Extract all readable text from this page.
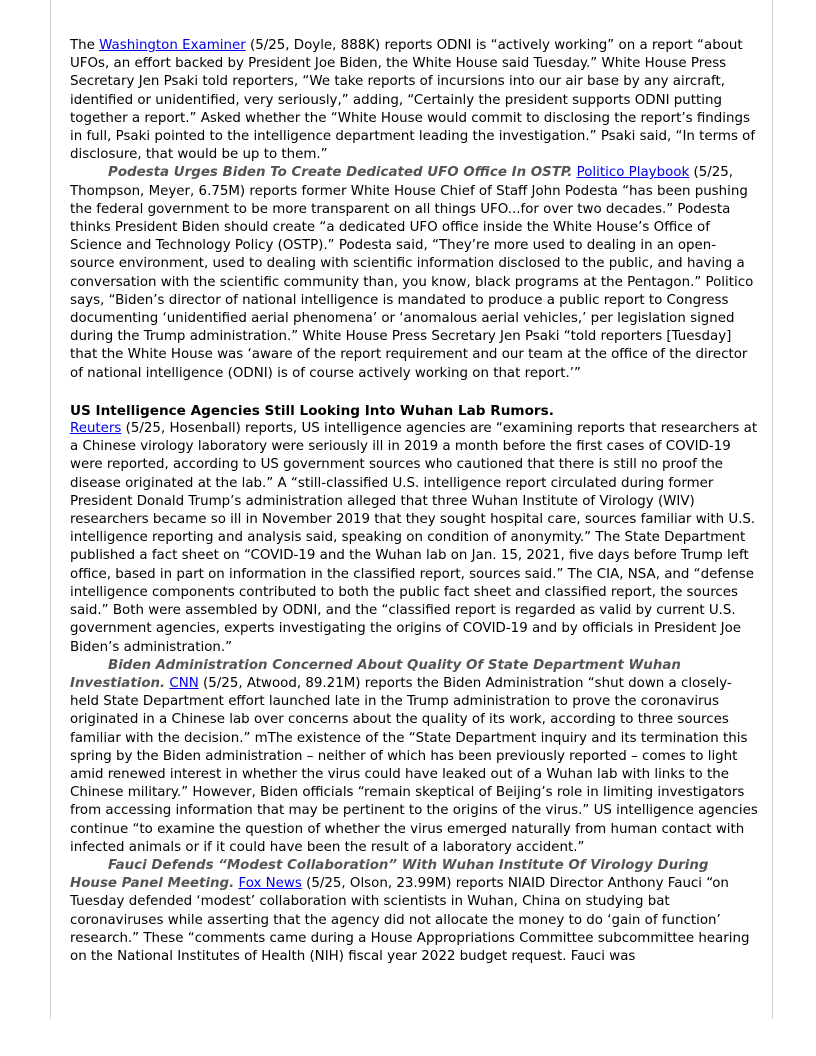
The Washington Examiner (5/25, Doyle, 888K) reports ODNI is “actively working” on a report “about UFOs, an effort backed by President Joe Biden, the White House said Tuesday.” White House Press Secretary Jen Psaki told reporters, “We take reports of incursions into our air base by any aircraft, identified or unidentified, very seriously,” adding, “Certainly the president supports ODNI putting together a report.” Asked whether the “White House would commit to disclosing the report’s findings in full, Psaki pointed to the intelligence department leading the investigation.” Psaki said, “In terms of disclosure, that would be up to them.”

Podesta Urges Biden To Create Dedicated UFO Office In OSTP. Politico Playbook (5/25, Thompson, Meyer, 6.75M) reports former White House Chief of Staff John Podesta “has been pushing the federal government to be more transparent on all things UFO...for over two decades.” Podesta thinks President Biden should create “a dedicated UFO office inside the White House’s Office of Science and Technology Policy (OSTP).” Podesta said, “They’re more used to dealing in an open-source environment, used to dealing with scientific information disclosed to the public, and having a conversation with the scientific community than, you know, black programs at the Pentagon.” Politico says, “Biden’s director of national intelligence is mandated to produce a public report to Congress documenting ‘unidentified aerial phenomena’ or ‘anomalous aerial vehicles,’ per legislation signed during the Trump administration.” White House Press Secretary Jen Psaki “told reporters [Tuesday] that the White House was ‘aware of the report requirement and our team at the office of the director of national intelligence (ODNI) is of course actively working on that report.’”

US Intelligence Agencies Still Looking Into Wuhan Lab Rumors.

Reuters (5/25, Hosenball) reports, US intelligence agencies are “examining reports that researchers at a Chinese virology laboratory were seriously ill in 2019 a month before the first cases of COVID-19 were reported, according to US government sources who cautioned that there is still no proof the disease originated at the lab.” A “still-classified U.S. intelligence report circulated during former President Donald Trump’s administration alleged that three Wuhan Institute of Virology (WIV) researchers became so ill in November 2019 that they sought hospital care, sources familiar with U.S. intelligence reporting and analysis said, speaking on condition of anonymity.” The State Department published a fact sheet on “COVID-19 and the Wuhan lab on Jan. 15, 2021, five days before Trump left office, based in part on information in the classified report, sources said.” The CIA, NSA, and “defense intelligence components contributed to both the public fact sheet and classified report, the sources said.” Both were assembled by ODNI, and the “classified report is regarded as valid by current U.S. government agencies, experts investigating the origins of COVID-19 and by officials in President Joe Biden’s administration.”

Biden Administration Concerned About Quality Of State Department Wuhan Investiation. CNN (5/25, Atwood, 89.21M) reports the Biden Administration “shut down a closely-held State Department effort launched late in the Trump administration to prove the coronavirus originated in a Chinese lab over concerns about the quality of its work, according to three sources familiar with the decision.” mThe existence of the “State Department inquiry and its termination this spring by the Biden administration – neither of which has been previously reported – comes to light amid renewed interest in whether the virus could have leaked out of a Wuhan lab with links to the Chinese military.” However, Biden officials “remain skeptical of Beijing’s role in limiting investigators from accessing information that may be pertinent to the origins of the virus.” US intelligence agencies continue “to examine the question of whether the virus emerged naturally from human contact with infected animals or if it could have been the result of a laboratory accident.”

Fauci Defends “Modest Collaboration” With Wuhan Institute Of Virology During House Panel Meeting. Fox News (5/25, Olson, 23.99M) reports NIAID Director Anthony Fauci “on Tuesday defended ‘modest’ collaboration with scientists in Wuhan, China on studying bat coronaviruses while asserting that the agency did not allocate the money to do ‘gain of function’ research.” These “comments came during a House Appropriations Committee subcommittee hearing on the National Institutes of Health (NIH) fiscal year 2022 budget request. Fauci was
